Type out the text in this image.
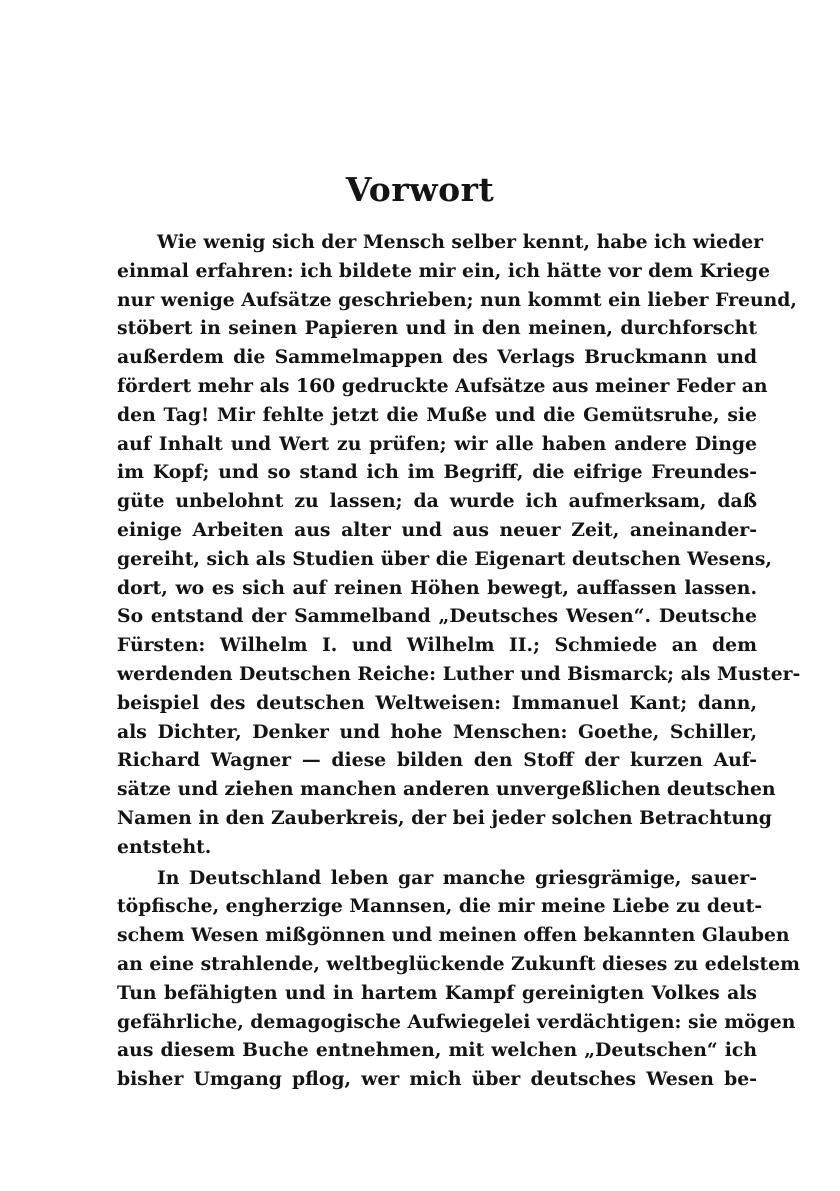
Vorwort
Wie wenig sich der Mensch selber kennt, habe ich wieder
einmal erfahren: ich bildete mir ein, ich hätte vor dem Kriege
nur wenige Aufsätze geschrieben; nun kommt ein lieber Freund,
stöbert in seinen Papieren und in den meinen, durchforscht
außerdem die Sammelmappen des Verlags Bruckmann und
fördert mehr als 160 gedruckte Aufsätze aus meiner Feder an
den Tag! Mir fehlte jetzt die Muße und die Gemütsruhe, sie
auf Inhalt und Wert zu prüfen; wir alle haben andere Dinge
im Kopf; und so stand ich im Begriff, die eifrige Freundes-
güte unbelohnt zu lassen; da wurde ich aufmerksam, daß
einige Arbeiten aus alter und aus neuer Zeit, aneinander-
gereiht, sich als Studien über die Eigenart deutschen Wesens,
dort, wo es sich auf reinen Höhen bewegt, auffassen lassen.
So entstand der Sammelband „Deutsches Wesen“. Deutsche
Fürsten: Wilhelm I. und Wilhelm II.; Schmiede an dem
werdenden Deutschen Reiche: Luther und Bismarck; als Muster-
beispiel des deutschen Weltweisen: Immanuel Kant; dann,
als Dichter, Denker und hohe Menschen: Goethe, Schiller,
Richard Wagner — diese bilden den Stoff der kurzen Auf-
sätze und ziehen manchen anderen unvergeßlichen deutschen
Namen in den Zauberkreis, der bei jeder solchen Betrachtung
entsteht.
In Deutschland leben gar manche griesgrämige, sauer-
töpfische, engherzige Mannsen, die mir meine Liebe zu deut-
schem Wesen mißgönnen und meinen offen bekannten Glauben
an eine strahlende, weltbeglückende Zukunft dieses zu edelstem
Tun befähigten und in hartem Kampf gereinigten Volkes als
gefährliche, demagogische Aufwiegelei verdächtigen: sie mögen
aus diesem Buche entnehmen, mit welchen „Deutschen“ ich
bisher Umgang pflog, wer mich über deutsches Wesen be-
